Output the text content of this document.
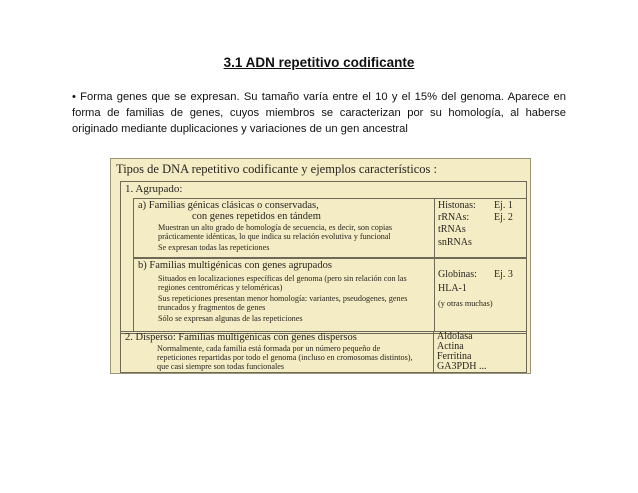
3.1 ADN repetitivo codificante
• Forma genes que se expresan. Su tamaño varía entre el 10 y el 15% del genoma. Aparece en forma de familias de genes, cuyos miembros se caracterizan por su homología, al haberse originado mediante duplicaciones y variaciones de un gen ancestral
Tipos de DNA repetitivo codificante y ejemplos característicos :
1. Agrupado:
a) Familias génicas clásicas o conservadas,
con genes repetidos en tándem
Muestran un alto grado de homología de secuencia, es decir, son copias
prácticamente idénticas, lo que indica su relación evolutiva y funcional
Se expresan todas las repeticiones
Histonas:
rRNAs:
tRNAs
snRNAs
Ej. 1
Ej. 2
b) Familias multigénicas con genes agrupados
Situados en localizaciones específicas del genoma (pero sin relación con las
regiones centroméricas y teloméricas)
Sus repeticiones presentan menor homología: variantes, pseudogenes, genes
truncados y fragmentos de genes
Sólo se expresan algunas de las repeticiones
Globinas:
HLA-1
(y otras muchas)
Ej. 3
2. Disperso: Familias multigénicas con genes dispersos
Normalmente, cada familia está formada por un número pequeño de
repeticiones repartidas por todo el genoma (incluso en cromosomas distintos),
que casi siempre son todas funcionales
Aldolasa
Actina
Ferritina
GA3PDH ...
